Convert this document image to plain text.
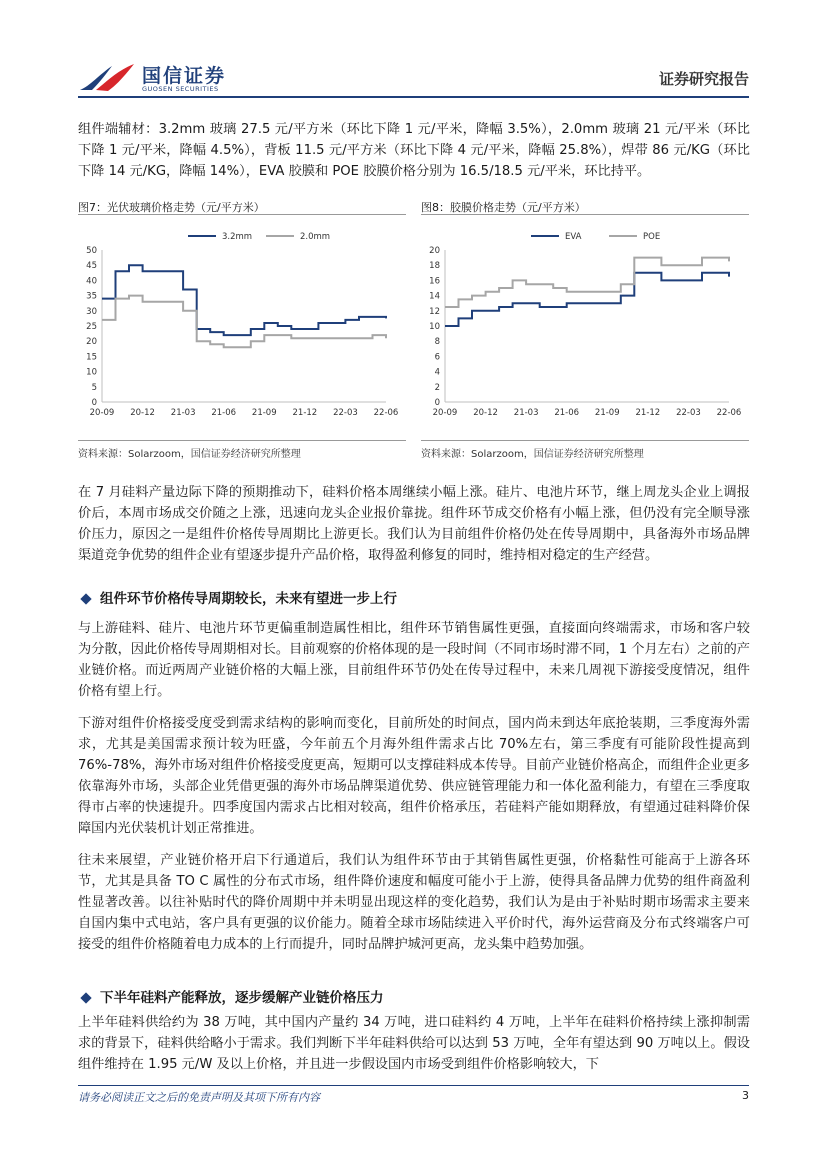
国信证券
GUOSEN SECURITIES
证券研究报告

组件端辅材：3.2mm 玻璃 27.5 元/平方米（环比下降 1 元/平米，降幅 3.5%），2.0mm 玻璃 21 元/平米（环比下降 1 元/平米，降幅 4.5%），背板 11.5 元/平方米（环比下降 4 元/平米，降幅 25.8%），焊带 86 元/KG（环比下降 14 元/KG，降幅 14%），EVA 胶膜和 POE 胶膜价格分别为 16.5/18.5 元/平米，环比持平。

图7：光伏玻璃价格走势（元/平方米）
0
5
10
15
20
25
30
35
40
45
50
20-09 20-12 21-03 21-06 21-09 21-12 22-03 22-06
3.2mm	2.0mm
资料来源：Solarzoom，国信证券经济研究所整理
图8：胶膜价格走势（元/平方米）
0
2
4
6
8
10
12
14
16
18
20
20-09 20-12 21-03 21-06 21-09 21-12 22-03 22-06
EVA	POE
资料来源：Solarzoom，国信证券经济研究所整理

在 7 月硅料产量边际下降的预期推动下，硅料价格本周继续小幅上涨。硅片、电池片环节，继上周龙头企业上调报价后，本周市场成交价随之上涨，迅速向龙头企业报价靠拢。组件环节成交价格有小幅上涨，但仍没有完全顺导涨价压力，原因之一是组件价格传导周期比上游更长。我们认为目前组件价格仍处在传导周期中，具备海外市场品牌渠道竞争优势的组件企业有望逐步提升产品价格，取得盈利修复的同时，维持相对稳定的生产经营。

组件环节价格传导周期较长，未来有望进一步上行

与上游硅料、硅片、电池片环节更偏重制造属性相比，组件环节销售属性更强，直接面向终端需求，市场和客户较为分散，因此价格传导周期相对长。目前观察的价格体现的是一段时间（不同市场时滞不同，1 个月左右）之前的产业链价格。而近两周产业链价格的大幅上涨，目前组件环节仍处在传导过程中，未来几周视下游接受度情况，组件价格有望上行。

下游对组件价格接受度受到需求结构的影响而变化，目前所处的时间点，国内尚未到达年底抢装期，三季度海外需求，尤其是美国需求预计较为旺盛，今年前五个月海外组件需求占比 70%左右，第三季度有可能阶段性提高到 76%-78%，海外市场对组件价格接受度更高，短期可以支撑硅料成本传导。目前产业链价格高企，而组件企业更多依靠海外市场，头部企业凭借更强的海外市场品牌渠道优势、供应链管理能力和一体化盈利能力，有望在三季度取得市占率的快速提升。四季度国内需求占比相对较高，组件价格承压，若硅料产能如期释放，有望通过硅料降价保障国内光伏装机计划正常推进。

往未来展望，产业链价格开启下行通道后，我们认为组件环节由于其销售属性更强，价格黏性可能高于上游各环节，尤其是具备 TO C 属性的分布式市场，组件降价速度和幅度可能小于上游，使得具备品牌力优势的组件商盈利性显著改善。以往补贴时代的降价周期中并未明显出现这样的变化趋势，我们认为是由于补贴时期市场需求主要来自国内集中式电站，客户具有更强的议价能力。随着全球市场陆续进入平价时代，海外运营商及分布式终端客户可接受的组件价格随着电力成本的上行而提升，同时品牌护城河更高，龙头集中趋势加强。

下半年硅料产能释放，逐步缓解产业链价格压力

上半年硅料供给约为 38 万吨，其中国内产量约 34 万吨，进口硅料约 4 万吨，上半年在硅料价格持续上涨抑制需求的背景下，硅料供给略小于需求。我们判断下半年硅料供给可以达到 53 万吨，全年有望达到 90 万吨以上。假设组件维持在 1.95 元/W 及以上价格，并且进一步假设国内市场受到组件价格影响较大，下

请务必阅读正文之后的免责声明及其项下所有内容	3
